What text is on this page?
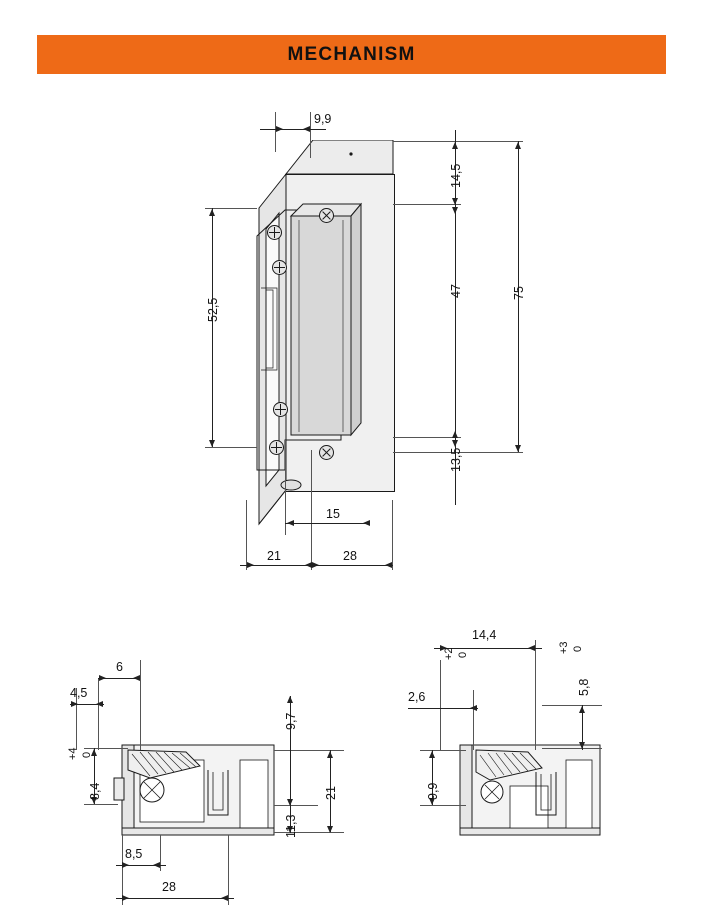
MECHANISM
9,9
14,5
47
13,5
75
52,5
15
21	28
6
4,5
+4 0
8,4
9,7
11,3
21
8,5
28
14,4
+3 0
5,8
+2 0
2,6
9,9
